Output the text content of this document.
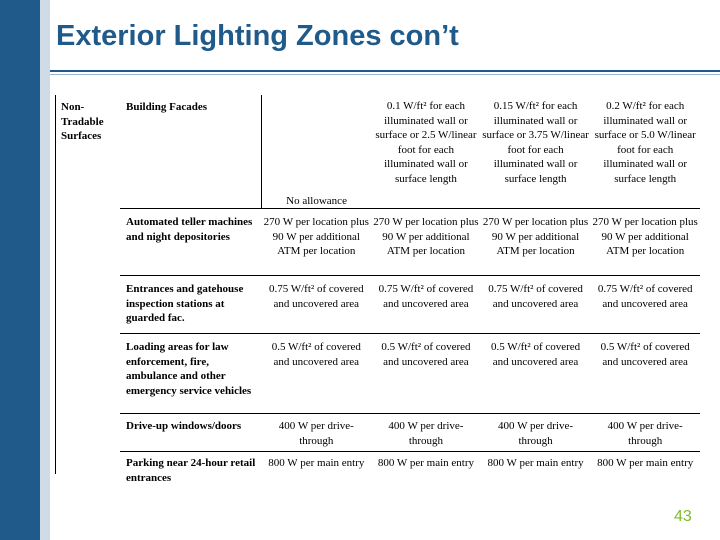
Exterior Lighting Zones con’t
Non-Tradable Surfaces
Building Facades	No allowance	0.1 W/ft² for each illuminated wall or surface or 2.5 W/linear foot for each illuminated wall or surface length	0.15 W/ft² for each illuminated wall or surface or 3.75 W/linear foot for each illuminated wall or surface length	0.2 W/ft² for each illuminated wall or surface or 5.0 W/linear foot for each illuminated wall or surface length
Automated teller machines and night depositories	270 W per location plus 90 W per additional ATM per location	270 W per location plus 90 W per additional ATM per location	270 W per location plus 90 W per additional ATM per location	270 W per location plus 90 W per additional ATM per location
Entrances and gatehouse inspection stations at guarded fac.	0.75 W/ft² of covered and uncovered area	0.75 W/ft² of covered and uncovered area	0.75 W/ft² of covered and uncovered area	0.75 W/ft² of covered and uncovered area
Loading areas for law enforcement, fire, ambulance and other emergency service vehicles	0.5 W/ft² of covered and uncovered area	0.5 W/ft² of covered and uncovered area	0.5 W/ft² of covered and uncovered area	0.5 W/ft² of covered and uncovered area
Drive-up windows/doors	400 W per drive-through	400 W per drive-through	400 W per drive-through	400 W per drive-through
Parking near 24-hour retail entrances	800 W per main entry	800 W per main entry	800 W per main entry	800 W per main entry
43
